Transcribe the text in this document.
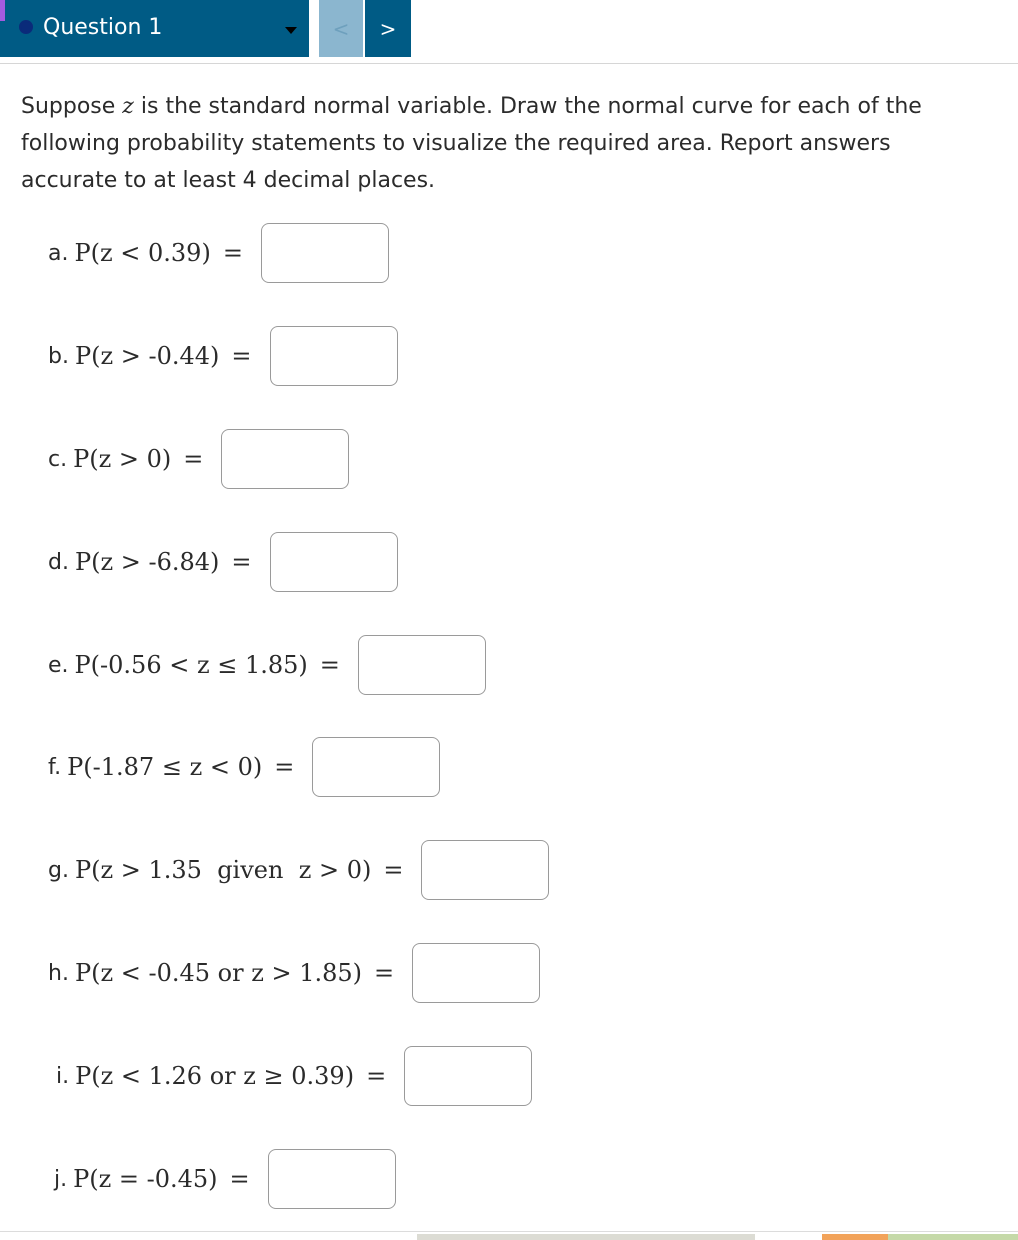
Question 1	<	>
Suppose z is the standard normal variable. Draw the normal curve for each of the following probability statements to visualize the required area. Report answers accurate to at least 4 decimal places.
a. P(z < 0.39) =
b. P(z > -0.44) =
c. P(z > 0) =
d. P(z > -6.84) =
e. P(-0.56 < z ≤ 1.85) =
f. P(-1.87 ≤ z < 0) =
g. P(z > 1.35  given  z > 0) =
h. P(z < -0.45 or z > 1.85) =
i. P(z < 1.26 or z ≥ 0.39) =
j. P(z = -0.45) =
